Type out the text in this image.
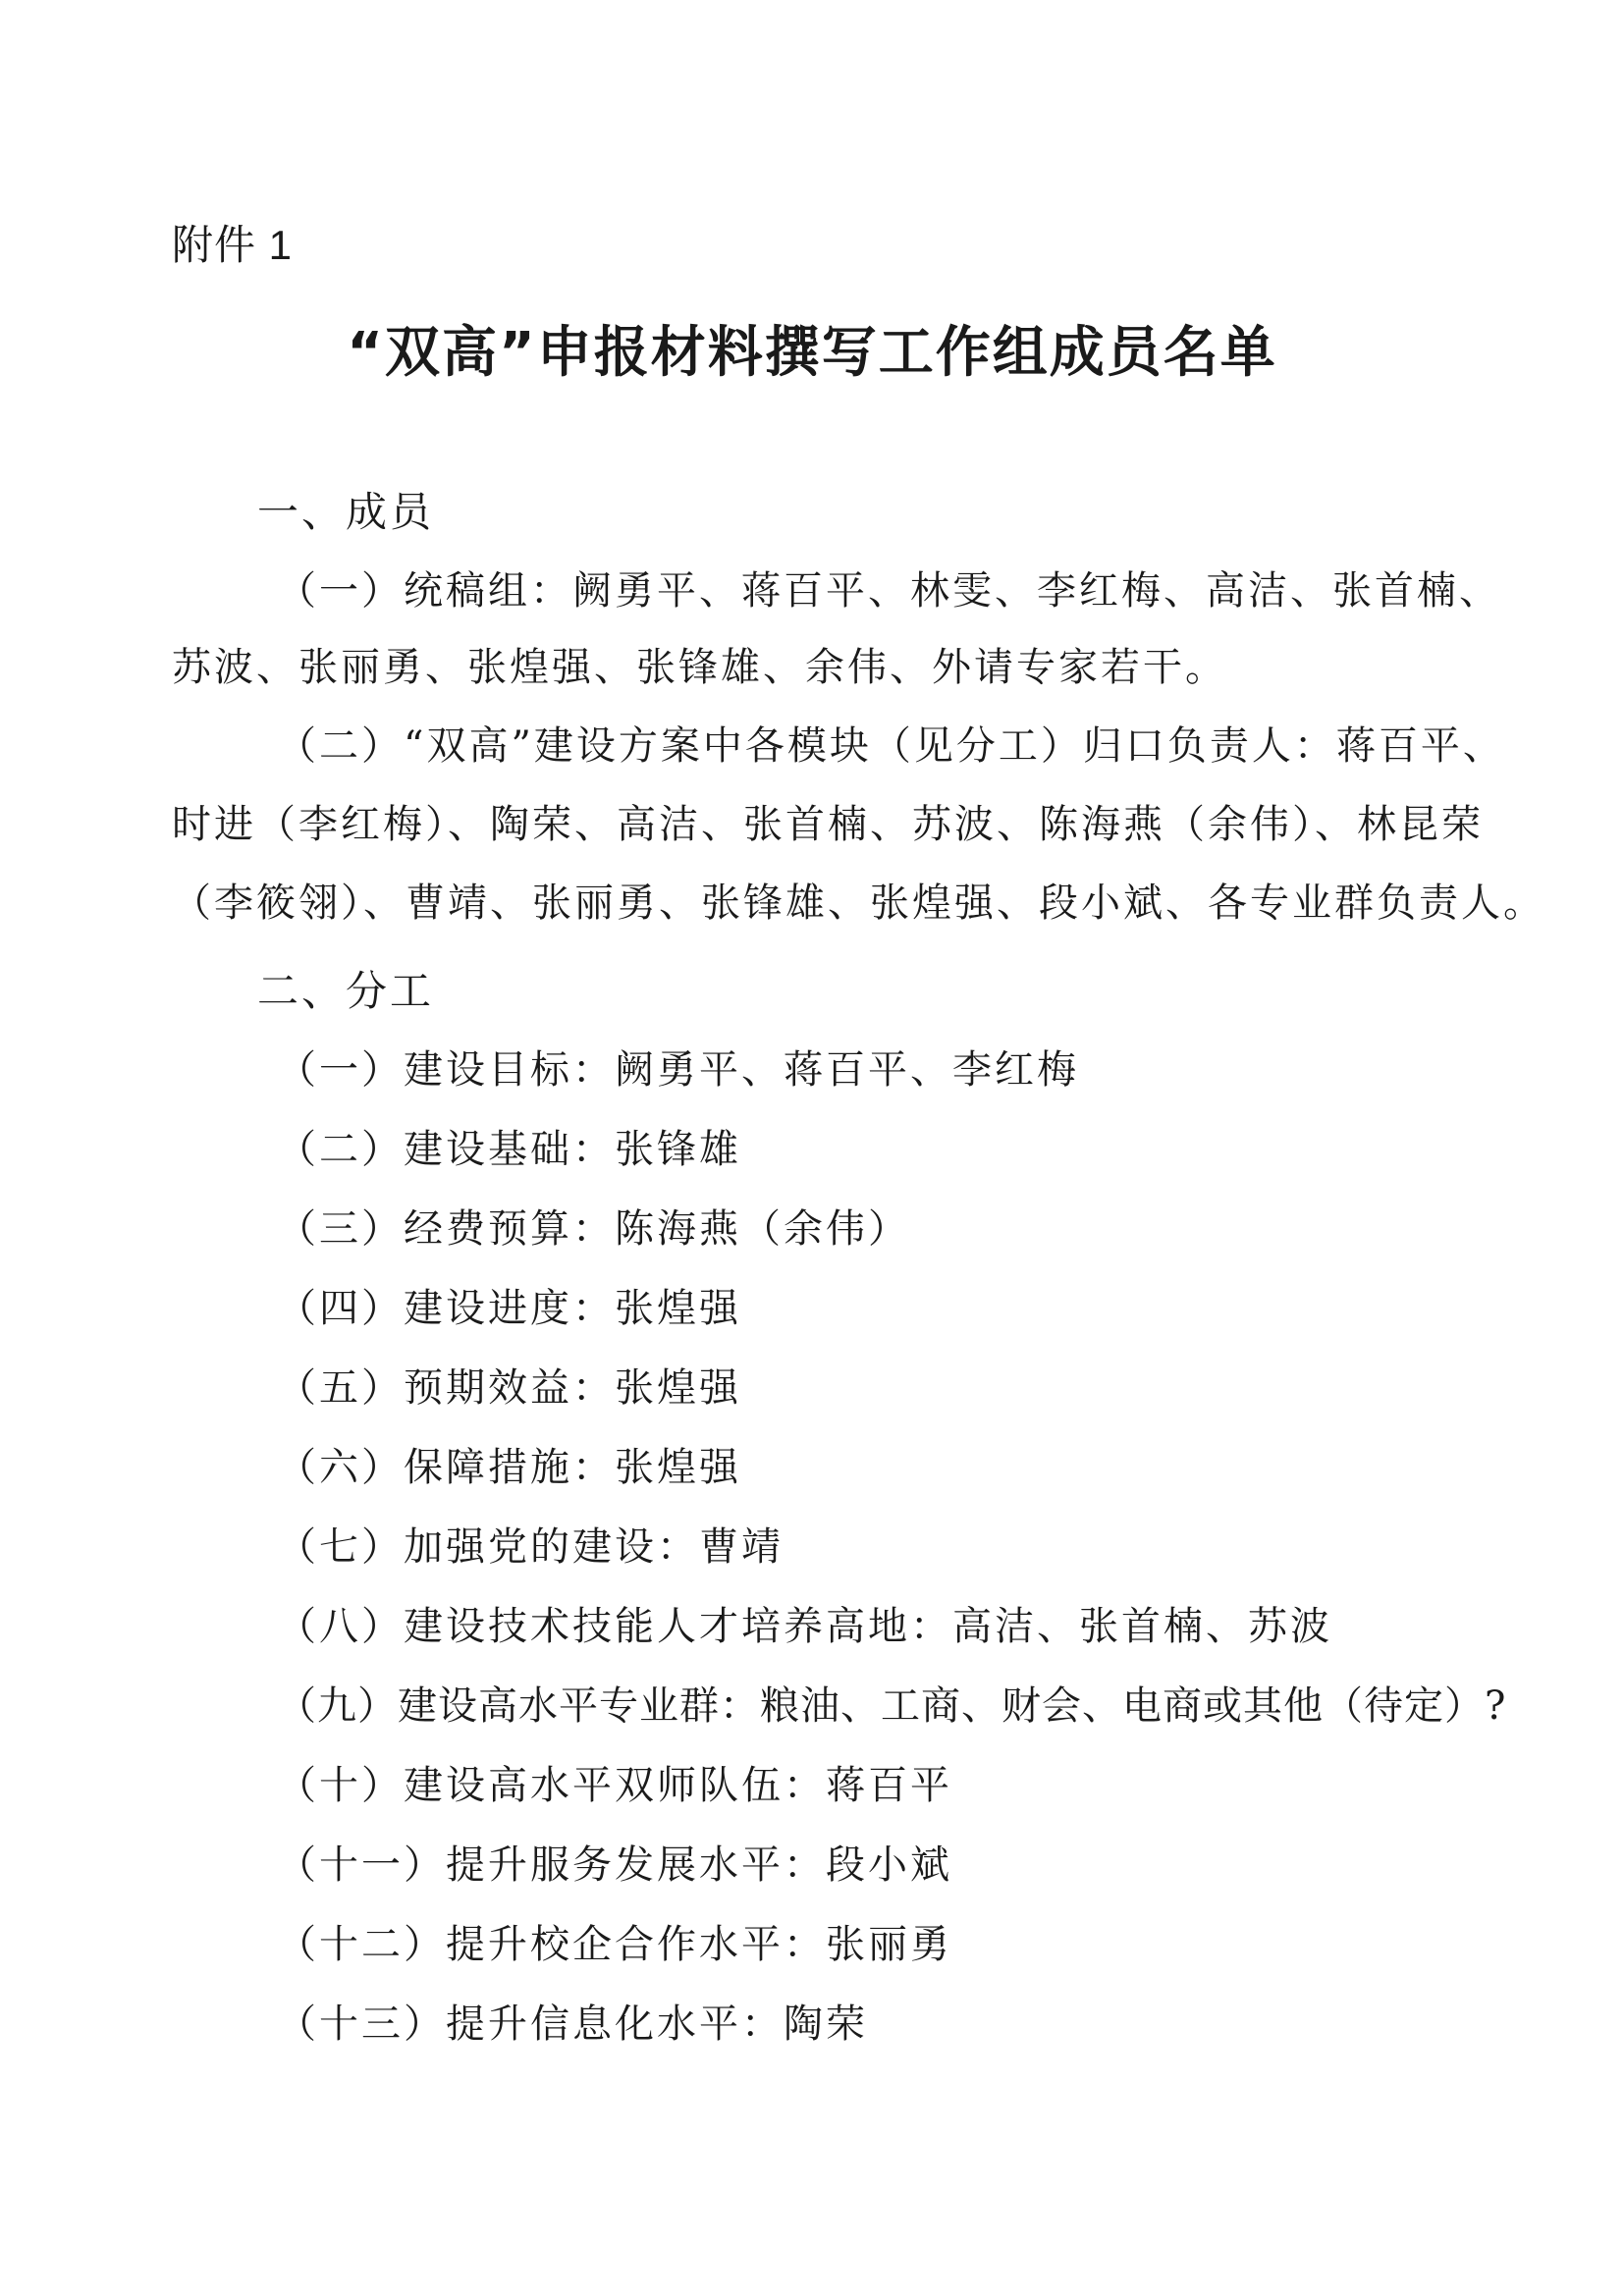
附件 1
“双高”申报材料撰写工作组成员名单
一、成员
（一）统稿组：阙勇平、蒋百平、林雯、李红梅、高洁、张首楠、
苏波、张丽勇、张煌强、张锋雄、余伟、外请专家若干。
（二）“双高”建设方案中各模块（见分工）归口负责人：蒋百平、
时进（李红梅）、陶荣、高洁、张首楠、苏波、陈海燕（余伟）、林昆荣
（李筱翎）、曹靖、张丽勇、张锋雄、张煌强、段小斌、各专业群负责人。
二、分工
（一）建设目标：阙勇平、蒋百平、李红梅
（二）建设基础：张锋雄
（三）经费预算：陈海燕（余伟）
（四）建设进度：张煌强
（五）预期效益：张煌强
（六）保障措施：张煌强
（七）加强党的建设：曹靖
（八）建设技术技能人才培养高地：高洁、张首楠、苏波
（九）建设高水平专业群：粮油、工商、财会、电商或其他（待定）?
（十）建设高水平双师队伍：蒋百平
（十一）提升服务发展水平：段小斌
（十二）提升校企合作水平：张丽勇
（十三）提升信息化水平：陶荣
